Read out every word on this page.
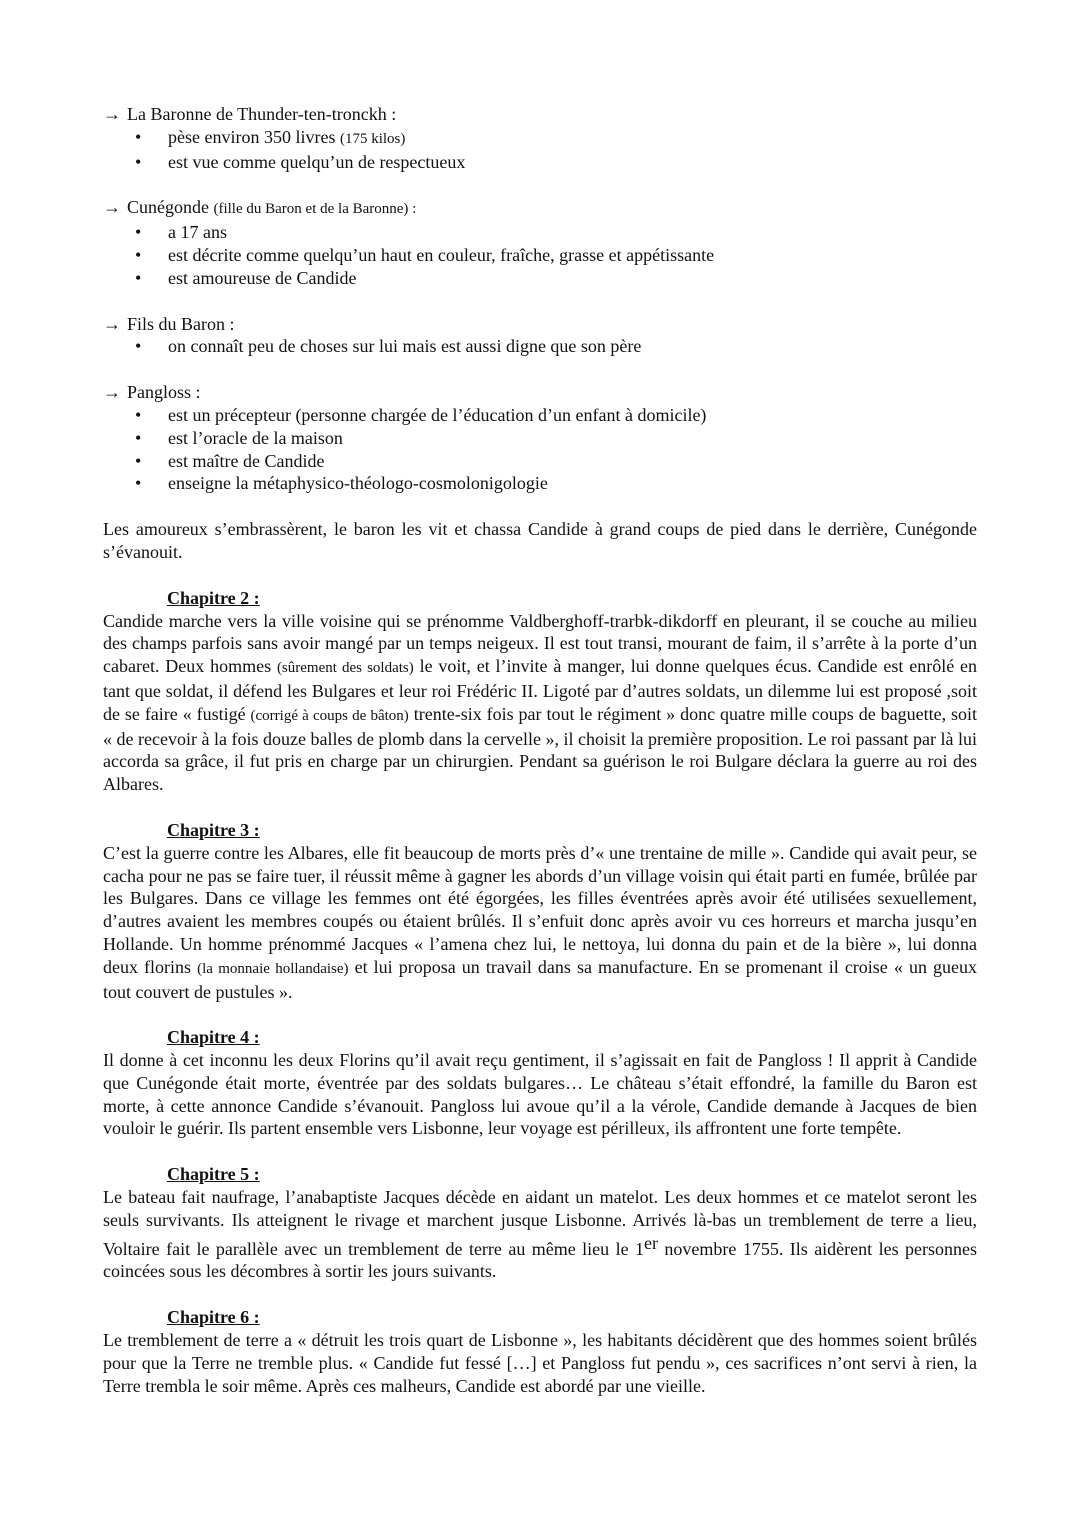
→ La Baronne de Thunder-ten-tronckh :
• pèse environ 350 livres (175 kilos)
• est vue comme quelqu’un de respectueux
→ Cunégonde (fille du Baron et de la Baronne) :
• a 17 ans
• est décrite comme quelqu’un haut en couleur, fraîche, grasse et appétissante
• est amoureuse de Candide
→ Fils du Baron :
• on connaît peu de choses sur lui mais est aussi digne que son père
→ Pangloss :
• est un précepteur (personne chargée de l’éducation d’un enfant à domicile)
• est l’oracle de la maison
• est maître de Candide
• enseigne la métaphysico-théologo-cosmolonigologie

Les amoureux s’embrassèrent, le baron les vit et chassa Candide à grand coups de pied dans le derrière, Cunégonde s’évanouit.

Chapitre 2 :

Candide marche vers la ville voisine qui se prénomme Valdberghoff-trarbk-dikdorff en pleurant, il se couche au milieu des champs parfois sans avoir mangé par un temps neigeux. Il est tout transi, mourant de faim, il s’arrête à la porte d’un cabaret. Deux hommes (sûrement des soldats) le voit, et l’invite à manger, lui donne quelques écus. Candide est enrôlé en tant que soldat, il défend les Bulgares et leur roi Frédéric II. Ligoté par d’autres soldats, un dilemme lui est proposé ,soit de se faire « fustigé (corrigé à coups de bâton) trente-six fois par tout le régiment » donc quatre mille coups de baguette, soit « de recevoir à la fois douze balles de plomb dans la cervelle », il choisit la première proposition. Le roi passant par là lui accorda sa grâce, il fut pris en charge par un chirurgien. Pendant sa guérison le roi Bulgare déclara la guerre au roi des Albares.

Chapitre 3 :

C’est la guerre contre les Albares, elle fit beaucoup de morts près d’« une trentaine de mille ». Candide qui avait peur, se cacha pour ne pas se faire tuer, il réussit même à gagner les abords d’un village voisin qui était parti en fumée, brûlée par les Bulgares. Dans ce village les femmes ont été égorgées, les filles éventrées après avoir été utilisées sexuellement, d’autres avaient les membres coupés ou étaient brûlés. Il s’enfuit donc après avoir vu ces horreurs et marcha jusqu’en Hollande. Un homme prénommé Jacques « l’amena chez lui, le nettoya, lui donna du pain et de la bière », lui donna deux florins (la monnaie hollandaise) et lui proposa un travail dans sa manufacture. En se promenant il croise « un gueux tout couvert de pustules ».

Chapitre 4 :

Il donne à cet inconnu les deux Florins qu’il avait reçu gentiment, il s’agissait en fait de Pangloss ! Il apprit à Candide que Cunégonde était morte, éventrée par des soldats bulgares… Le château s’était effondré, la famille du Baron est morte, à cette annonce Candide s’évanouit. Pangloss lui avoue qu’il a la vérole, Candide demande à Jacques de bien vouloir le guérir. Ils partent ensemble vers Lisbonne, leur voyage est périlleux, ils affrontent une forte tempête.

Chapitre 5 :

Le bateau fait naufrage, l’anabaptiste Jacques décède en aidant un matelot. Les deux hommes et ce matelot seront les seuls survivants. Ils atteignent le rivage et marchent jusque Lisbonne. Arrivés là-bas un tremblement de terre a lieu, Voltaire fait le parallèle avec un tremblement de terre au même lieu le 1er novembre 1755. Ils aidèrent les personnes coincées sous les décombres à sortir les jours suivants.

Chapitre 6 :

Le tremblement de terre a « détruit les trois quart de Lisbonne », les habitants décidèrent que des hommes soient brûlés pour que la Terre ne tremble plus. « Candide fut fessé […] et Pangloss fut pendu », ces sacrifices n’ont servi à rien, la Terre trembla le soir même. Après ces malheurs, Candide est abordé par une vieille.
